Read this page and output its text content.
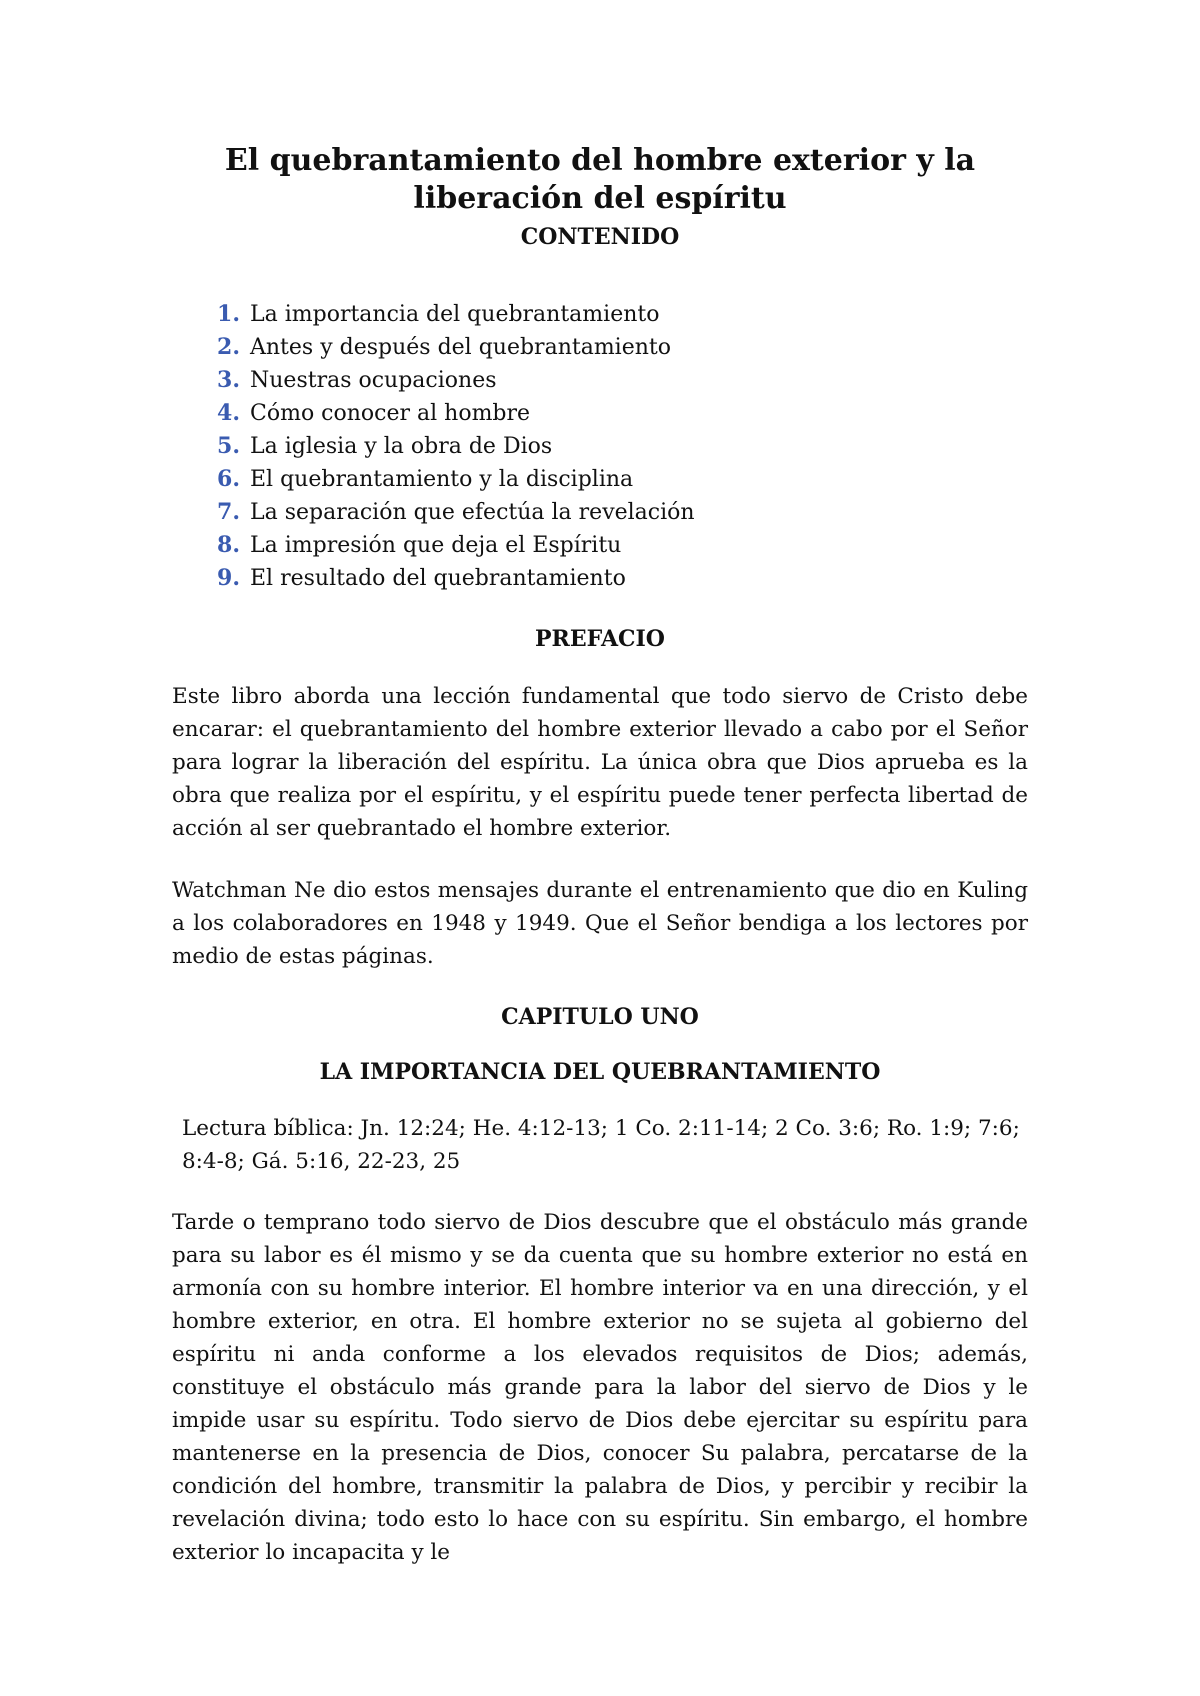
El quebrantamiento del hombre exterior y la
liberación del espíritu
CONTENIDO
1. La importancia del quebrantamiento
2. Antes y después del quebrantamiento
3. Nuestras ocupaciones
4. Cómo conocer al hombre
5. La iglesia y la obra de Dios
6. El quebrantamiento y la disciplina
7. La separación que efectúa la revelación
8. La impresión que deja el Espíritu
9. El resultado del quebrantamiento
PREFACIO

Este libro aborda una lección fundamental que todo siervo de Cristo debe encarar: el quebrantamiento del hombre exterior llevado a cabo por el Señor para lograr la liberación del espíritu. La única obra que Dios aprueba es la obra que realiza por el espíritu, y el espíritu puede tener perfecta libertad de acción al ser quebrantado el hombre exterior.

Watchman Ne dio estos mensajes durante el entrenamiento que dio en Kuling a los colaboradores en 1948 y 1949. Que el Señor bendiga a los lectores por medio de estas páginas.

CAPITULO UNO
LA IMPORTANCIA DEL QUEBRANTAMIENTO

Lectura bíblica: Jn. 12:24; He. 4:12-13; 1 Co. 2:11-14; 2 Co. 3:6; Ro. 1:9; 7:6; 8:4-8; Gá. 5:16, 22-23, 25

Tarde o temprano todo siervo de Dios descubre que el obstáculo más grande para su labor es él mismo y se da cuenta que su hombre exterior no está en armonía con su hombre interior. El hombre interior va en una dirección, y el hombre exterior, en otra. El hombre exterior no se sujeta al gobierno del espíritu ni anda conforme a los elevados requisitos de Dios; además, constituye el obstáculo más grande para la labor del siervo de Dios y le impide usar su espíritu. Todo siervo de Dios debe ejercitar su espíritu para mantenerse en la presencia de Dios, conocer Su palabra, percatarse de la condición del hombre, transmitir la palabra de Dios, y percibir y recibir la revelación divina; todo esto lo hace con su espíritu. Sin embargo, el hombre exterior lo incapacita y le
